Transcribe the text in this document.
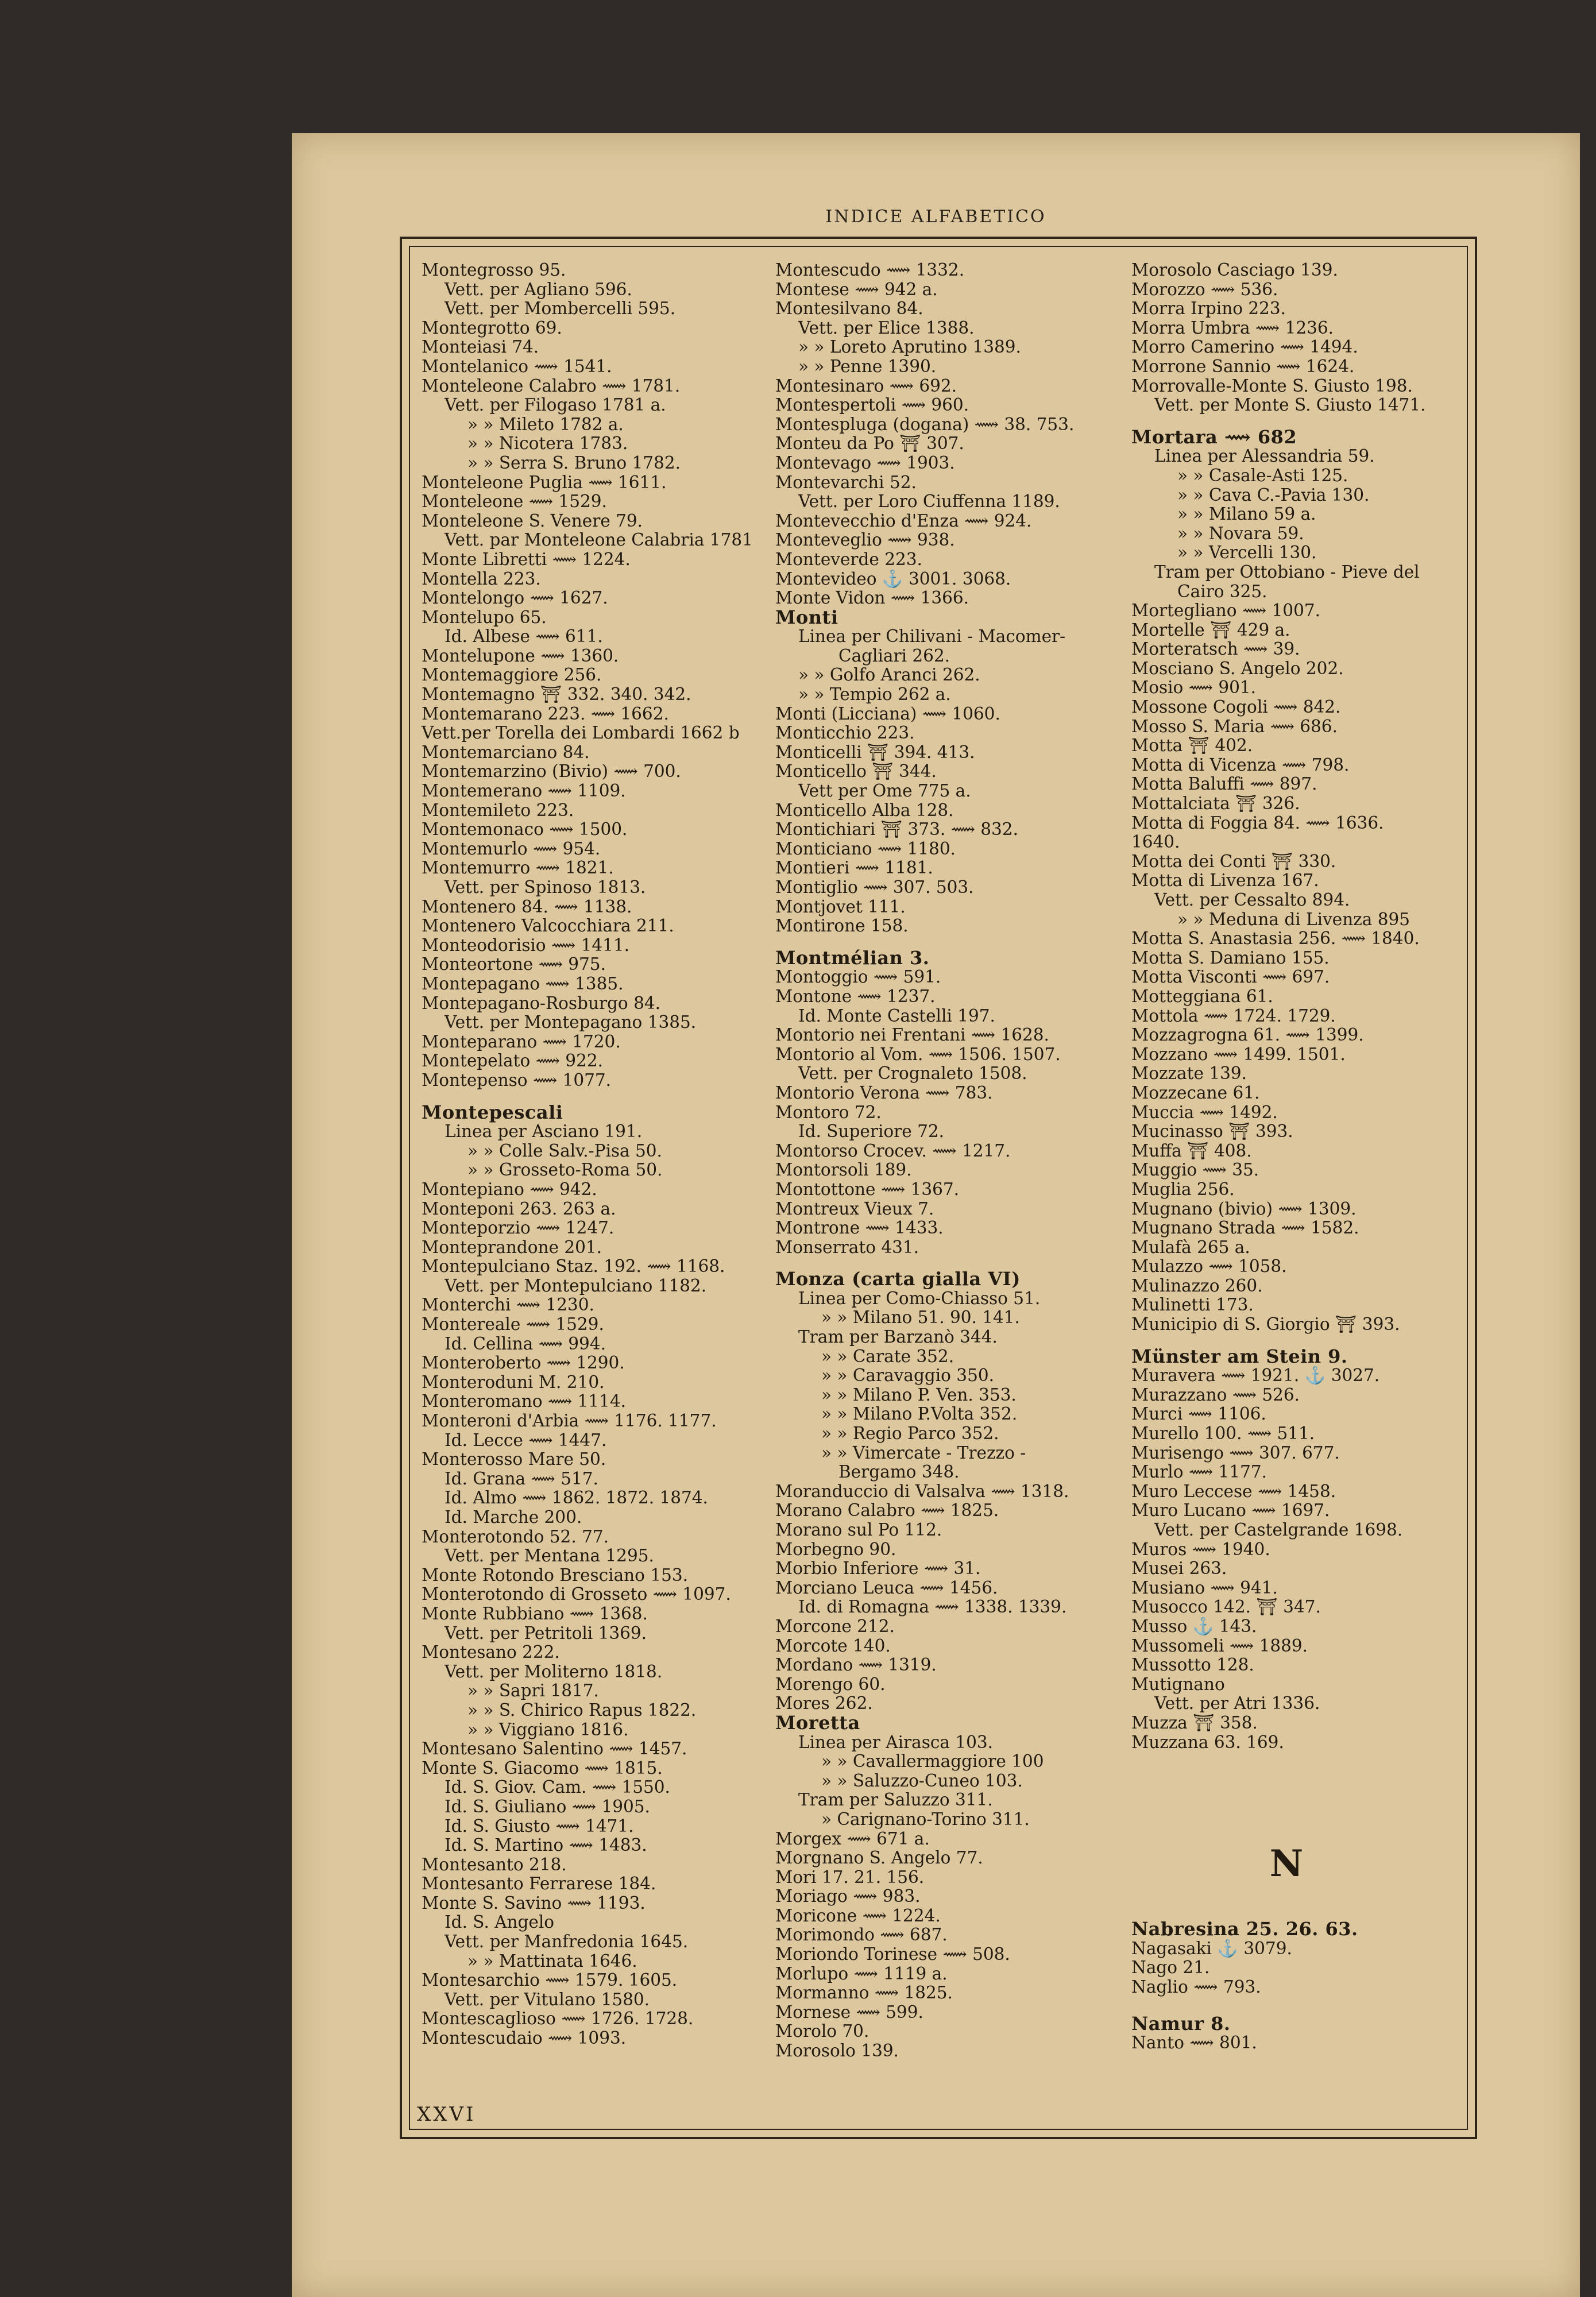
INDICE ALFABETICO
Montegrosso 95.
Vett. per Agliano 596.
Vett. per Mombercelli 595.
Montegrotto 69.
Monteiasi 74.
Montelanico ⟿ 1541.
Monteleone Calabro ⟿ 1781.
Vett. per Filogaso 1781 a.
» » Mileto 1782 a.
» » Nicotera 1783.
» » Serra S. Bruno 1782.
Monteleone Puglia ⟿ 1611.
Monteleone ⟿ 1529.
Monteleone S. Venere 79.
Vett. par Monteleone Calabria 1781
Monte Libretti ⟿ 1224.
Montella 223.
Montelongo ⟿ 1627.
Montelupo 65.
Id. Albese ⟿ 611.
Montelupone ⟿ 1360.
Montemaggiore 256.
Montemagno ⛩ 332. 340. 342.
Montemarano 223. ⟿ 1662.
Vett.per Torella dei Lombardi 1662 b
Montemarciano 84.
Montemarzino (Bivio) ⟿ 700.
Montemerano ⟿ 1109.
Montemileto 223.
Montemonaco ⟿ 1500.
Montemurlo ⟿ 954.
Montemurro ⟿ 1821.
Vett. per Spinoso 1813.
Montenero 84. ⟿ 1138.
Montenero Valcocchiara 211.
Monteodorisio ⟿ 1411.
Monteortone ⟿ 975.
Montepagano ⟿ 1385.
Montepagano-Rosburgo 84.
Vett. per Montepagano 1385.
Monteparano ⟿ 1720.
Montepelato ⟿ 922.
Montepenso ⟿ 1077.
Montepescali
Linea per Asciano 191.
» » Colle Salv.-Pisa 50.
» » Grosseto-Roma 50.
Montepiano ⟿ 942.
Monteponi 263. 263 a.
Monteporzio ⟿ 1247.
Monteprandone 201.
Montepulciano Staz. 192. ⟿ 1168.
Vett. per Montepulciano 1182.
Monterchi ⟿ 1230.
Montereale ⟿ 1529.
Id. Cellina ⟿ 994.
Monteroberto ⟿ 1290.
Monteroduni M. 210.
Monteromano ⟿ 1114.
Monteroni d'Arbia ⟿ 1176. 1177.
Id. Lecce ⟿ 1447.
Monterosso Mare 50.
Id. Grana ⟿ 517.
Id. Almo ⟿ 1862. 1872. 1874.
Id. Marche 200.
Monterotondo 52. 77.
Vett. per Mentana 1295.
Monte Rotondo Bresciano 153.
Monterotondo di Grosseto ⟿ 1097.
Monte Rubbiano ⟿ 1368.
Vett. per Petritoli 1369.
Montesano 222.
Vett. per Moliterno 1818.
» » Sapri 1817.
» » S. Chirico Rapus 1822.
» » Viggiano 1816.
Montesano Salentino ⟿ 1457.
Monte S. Giacomo ⟿ 1815.
Id. S. Giov. Cam. ⟿ 1550.
Id. S. Giuliano ⟿ 1905.
Id. S. Giusto ⟿ 1471.
Id. S. Martino ⟿ 1483.
Montesanto 218.
Montesanto Ferrarese 184.
Monte S. Savino ⟿ 1193.
Id. S. Angelo
Vett. per Manfredonia 1645.
» » Mattinata 1646.
Montesarchio ⟿ 1579. 1605.
Vett. per Vitulano 1580.
Montescaglioso ⟿ 1726. 1728.
Montescudaio ⟿ 1093.
Montescudo ⟿ 1332.
Montese ⟿ 942 a.
Montesilvano 84.
Vett. per Elice 1388.
» » Loreto Aprutino 1389.
» » Penne 1390.
Montesinaro ⟿ 692.
Montespertoli ⟿ 960.
Montespluga (dogana) ⟿ 38. 753.
Monteu da Po ⛩ 307.
Montevago ⟿ 1903.
Montevarchi 52.
Vett. per Loro Ciuffenna 1189.
Montevecchio d'Enza ⟿ 924.
Monteveglio ⟿ 938.
Monteverde 223.
Montevideo ⚓ 3001. 3068.
Monte Vidon ⟿ 1366.
Monti
Linea per Chilivani - Macomer-
Cagliari 262.
» » Golfo Aranci 262.
» » Tempio 262 a.
Monti (Licciana) ⟿ 1060.
Monticchio 223.
Monticelli ⛩ 394. 413.
Monticello ⛩ 344.
Vett per Ome 775 a.
Monticello Alba 128.
Montichiari ⛩ 373. ⟿ 832.
Monticiano ⟿ 1180.
Montieri ⟿ 1181.
Montiglio ⟿ 307. 503.
Montjovet 111.
Montirone 158.
Montmélian 3.
Montoggio ⟿ 591.
Montone ⟿ 1237.
Id. Monte Castelli 197.
Montorio nei Frentani ⟿ 1628.
Montorio al Vom. ⟿ 1506. 1507.
Vett. per Crognaleto 1508.
Montorio Verona ⟿ 783.
Montoro 72.
Id. Superiore 72.
Montorso Crocev. ⟿ 1217.
Montorsoli 189.
Montottone ⟿ 1367.
Montreux Vieux 7.
Montrone ⟿ 1433.
Monserrato 431.
Monza (carta gialla VI)
Linea per Como-Chiasso 51.
» » Milano 51. 90. 141.
Tram per Barzanò 344.
» » Carate 352.
» » Caravaggio 350.
» » Milano P. Ven. 353.
» » Milano P.Volta 352.
» » Regio Parco 352.
» » Vimercate - Trezzo -
Bergamo 348.
Moranduccio di Valsalva ⟿ 1318.
Morano Calabro ⟿ 1825.
Morano sul Po 112.
Morbegno 90.
Morbio Inferiore ⟿ 31.
Morciano Leuca ⟿ 1456.
Id. di Romagna ⟿ 1338. 1339.
Morcone 212.
Morcote 140.
Mordano ⟿ 1319.
Morengo 60.
Mores 262.
Moretta
Linea per Airasca 103.
» » Cavallermaggiore 100
» » Saluzzo-Cuneo 103.
Tram per Saluzzo 311.
» Carignano-Torino 311.
Morgex ⟿ 671 a.
Morgnano S. Angelo 77.
Mori 17. 21. 156.
Moriago ⟿ 983.
Moricone ⟿ 1224.
Morimondo ⟿ 687.
Moriondo Torinese ⟿ 508.
Morlupo ⟿ 1119 a.
Mormanno ⟿ 1825.
Mornese ⟿ 599.
Morolo 70.
Morosolo 139.
Morosolo Casciago 139.
Morozzo ⟿ 536.
Morra Irpino 223.
Morra Umbra ⟿ 1236.
Morro Camerino ⟿ 1494.
Morrone Sannio ⟿ 1624.
Morrovalle-Monte S. Giusto 198.
Vett. per Monte S. Giusto 1471.
Mortara ⟿ 682
Linea per Alessandria 59.
» » Casale-Asti 125.
» » Cava C.-Pavia 130.
» » Milano 59 a.
» » Novara 59.
» » Vercelli 130.
Tram per Ottobiano - Pieve del
Cairo 325.
Mortegliano ⟿ 1007.
Mortelle ⛩ 429 a.
Morteratsch ⟿ 39.
Mosciano S. Angelo 202.
Mosio ⟿ 901.
Mossone Cogoli ⟿ 842.
Mosso S. Maria ⟿ 686.
Motta ⛩ 402.
Motta di Vicenza ⟿ 798.
Motta Baluffi ⟿ 897.
Mottalciata ⛩ 326.
Motta di Foggia 84. ⟿ 1636.
1640.
Motta dei Conti ⛩ 330.
Motta di Livenza 167.
Vett. per Cessalto 894.
» » Meduna di Livenza 895
Motta S. Anastasia 256. ⟿ 1840.
Motta S. Damiano 155.
Motta Visconti ⟿ 697.
Motteggiana 61.
Mottola ⟿ 1724. 1729.
Mozzagrogna 61. ⟿ 1399.
Mozzano ⟿ 1499. 1501.
Mozzate 139.
Mozzecane 61.
Muccia ⟿ 1492.
Mucinasso ⛩ 393.
Muffa ⛩ 408.
Muggio ⟿ 35.
Muglia 256.
Mugnano (bivio) ⟿ 1309.
Mugnano Strada ⟿ 1582.
Mulafà 265 a.
Mulazzo ⟿ 1058.
Mulinazzo 260.
Mulinetti 173.
Municipio di S. Giorgio ⛩ 393.
Münster am Stein 9.
Muravera ⟿ 1921. ⚓ 3027.
Murazzano ⟿ 526.
Murci ⟿ 1106.
Murello 100. ⟿ 511.
Murisengo ⟿ 307. 677.
Murlo ⟿ 1177.
Muro Leccese ⟿ 1458.
Muro Lucano ⟿ 1697.
Vett. per Castelgrande 1698.
Muros ⟿ 1940.
Musei 263.
Musiano ⟿ 941.
Musocco 142. ⛩ 347.
Musso ⚓ 143.
Mussomeli ⟿ 1889.
Mussotto 128.
Mutignano
Vett. per Atri 1336.
Muzza ⛩ 358.
Muzzana 63. 169.
N
Nabresina 25. 26. 63.
Nagasaki ⚓ 3079.
Nago 21.
Naglio ⟿ 793.
Namur 8.
Nanto ⟿ 801.
XXVI
